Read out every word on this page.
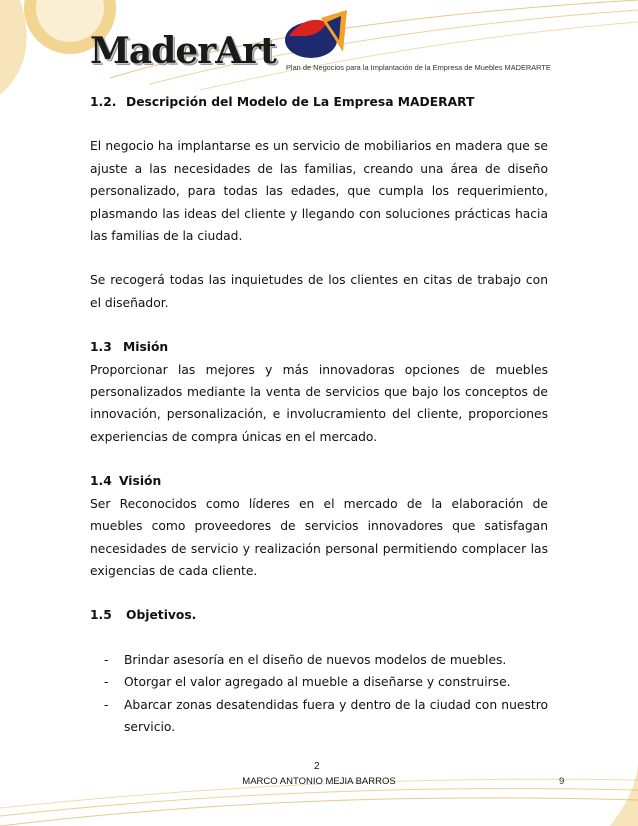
MaderArt Plan de Negocios para la Implantación de la Empresa de Muebles MADERARTE

1.2. Descripción del Modelo de La Empresa MADERART

El negocio ha implantarse es un servicio de mobiliarios en madera que se ajuste a las necesidades de las familias, creando una área de diseño personalizado, para todas las edades, que cumpla los requerimiento, plasmando las ideas del cliente y llegando con soluciones prácticas hacia las familias de la ciudad.

Se recogerá todas las inquietudes de los clientes en citas de trabajo con el diseñador.

1.3 Misión

Proporcionar las mejores y más innovadoras opciones de muebles personalizados mediante la venta de servicios que bajo los conceptos de innovación, personalización, e involucramiento del cliente, proporciones experiencias de compra únicas en el mercado.

1.4 Visión

Ser Reconocidos como líderes en el mercado de la elaboración de muebles como proveedores de servicios innovadores que satisfagan necesidades de servicio y realización personal permitiendo complacer las exigencias de cada cliente.

1.5 Objetivos.

- Brindar asesoría en el diseño de nuevos modelos de muebles.
- Otorgar el valor agregado al mueble a diseñarse y construirse.
- Abarcar zonas desatendidas fuera y dentro de la ciudad con nuestro servicio.
2
MARCO ANTONIO MEJIA BARROS	9
